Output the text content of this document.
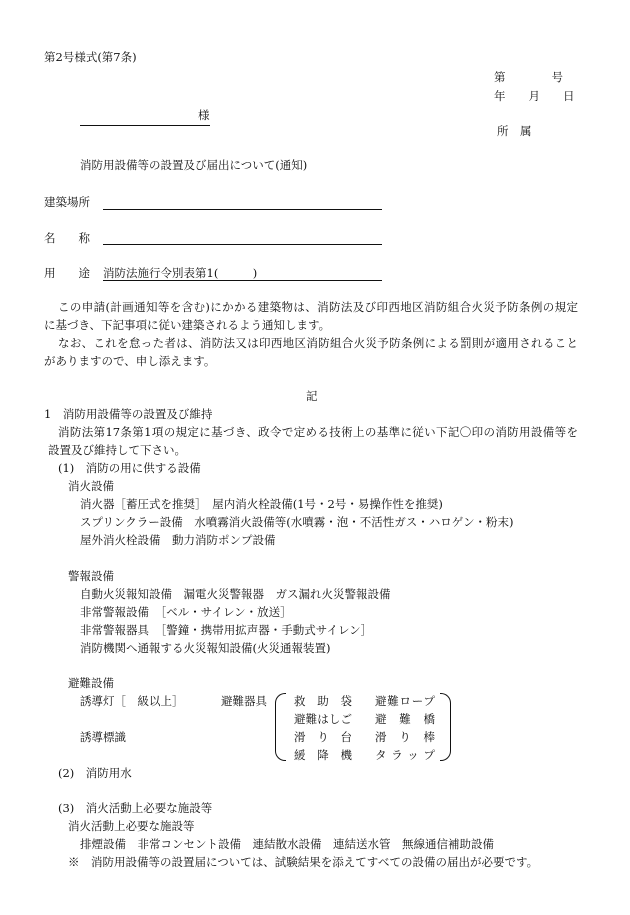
第2号様式(第7条)
第　　　　号
年　　月　　日
様
所　属
消防用設備等の設置及び届出について(通知)
建築場所
名　　称
用　　途 消防法施行令別表第1(　　　)
この申請(計画通知等を含む)にかかる建築物は、消防法及び印西地区消防組合火災予防条例の規定
に基づき、下記事項に従い建築されるよう通知します。
なお、これを怠った者は、消防法又は印西地区消防組合火災予防条例による罰則が適用されること
がありますので、申し添えます。
記
1　消防用設備等の設置及び維持
消防法第17条第1項の規定に基づき、政令で定める技術上の基準に従い下記〇印の消防用設備等を
設置及び維持して下さい。
(1)　消防の用に供する設備
消火設備
消火器［蓄圧式を推奨］　屋内消火栓設備(1号・2号・易操作性を推奨)
スプリンクラー設備　水噴霧消火設備等(水噴霧・泡・不活性ガス・ハロゲン・粉末)
屋外消火栓設備　動力消防ポンプ設備
警報設備
自動火災報知設備　漏電火災警報器　ガス漏れ火災警報設備
非常警報設備　［ベル・サイレン・放送］
非常警報器具　［警鐘・携帯用拡声器・手動式サイレン］
消防機関へ通報する火災報知設備(火災通報装置)
避難設備
誘導灯［　級以上］	避難器具
誘導標識
救助袋
避難はしご
滑り台
緩降機
避難ロープ
避難橋
滑り棒
タラップ
(2)　消防用水
(3)　消火活動上必要な施設等
消火活動上必要な施設等
排煙設備　非常コンセント設備　連結散水設備　連結送水管　無線通信補助設備
※　消防用設備等の設置届については、試験結果を添えてすべての設備の届出が必要です。
